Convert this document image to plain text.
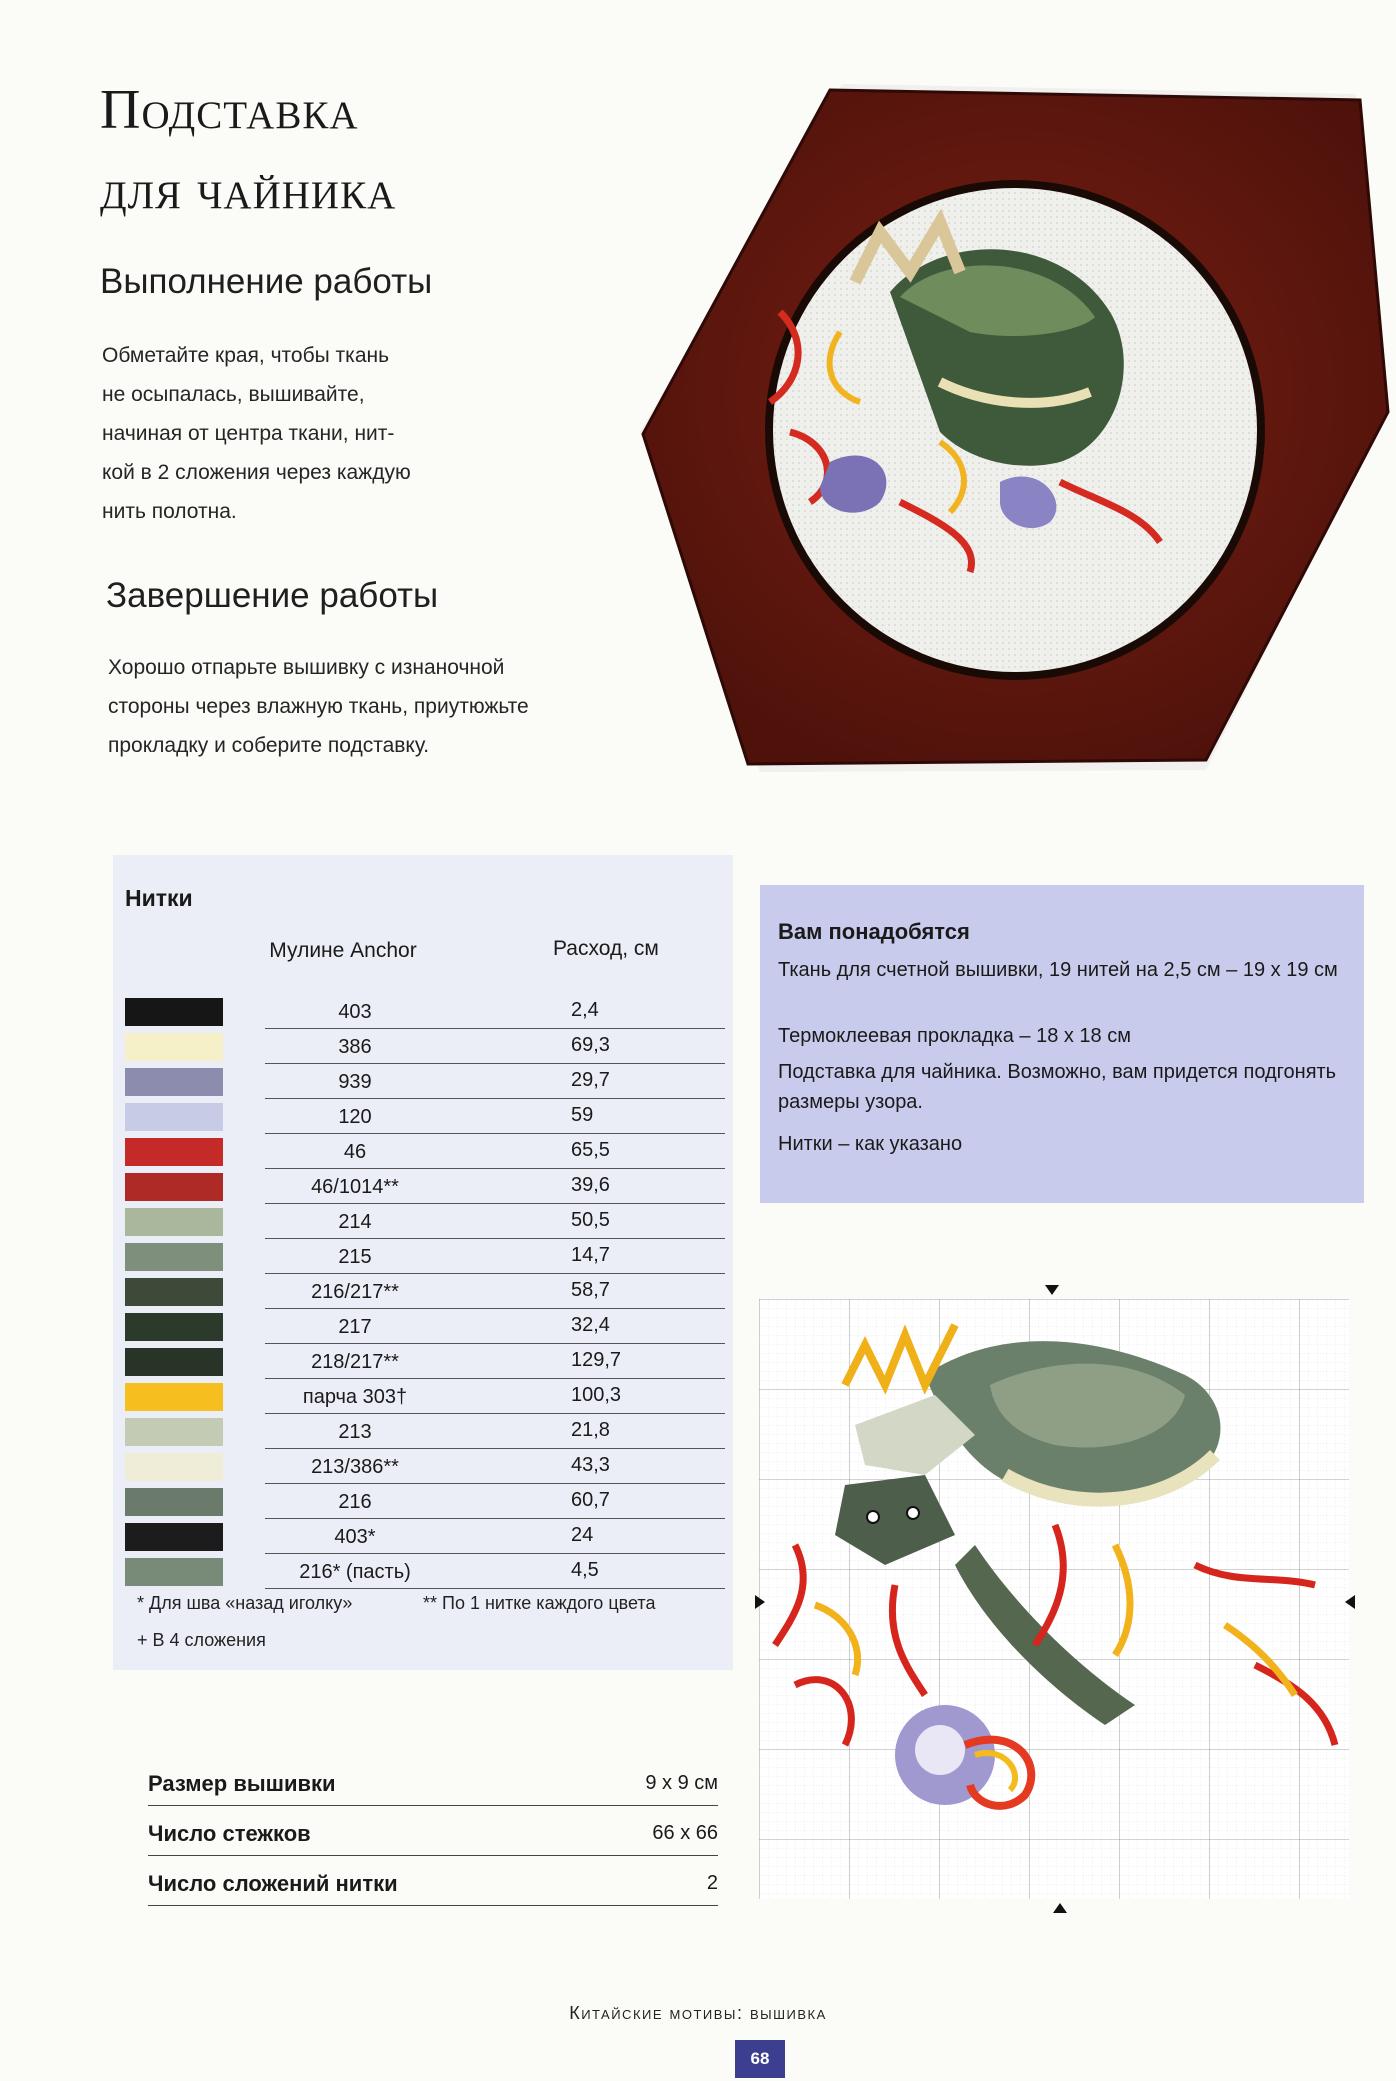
Подставка
для чайника
Выполнение работы
Обметайте края, чтобы ткань
не осыпалась, вышивайте,
начиная от центра ткани, нит-
кой в 2 сложения через каждую
нить полотна.
Завершение работы
Хорошо отпарьте вышивку с изнаночной
стороны через влажную ткань, приутюжьте
прокладку и соберите подставку.
Нитки
Мулине Anchor	Расход, см
403	2,4
386	69,3
939	29,7
120	59
46	65,5
46/1014**	39,6
214	50,5
215	14,7
216/217**	58,7
217	32,4
218/217**	129,7
парча 303†	100,3
213	21,8
213/386**	43,3
216	60,7
403*	24
216* (пасть)	4,5
* Для шва «назад иголку»	** По 1 нитке каждого цвета
+ В 4 сложения
Вам понадобятся
Ткань для счетной вышивки, 19 нитей на 2,5 см – 19 х 19 см
Термоклеевая прокладка – 18 х 18 см
Подставка для чайника. Возможно, вам придется подгонять размеры узора.
Нитки – как указано
Размер вышивки	9 х 9 см
Число стежков	66 х 66
Число сложений нитки	2
Китайские мотивы: вышивка
68
